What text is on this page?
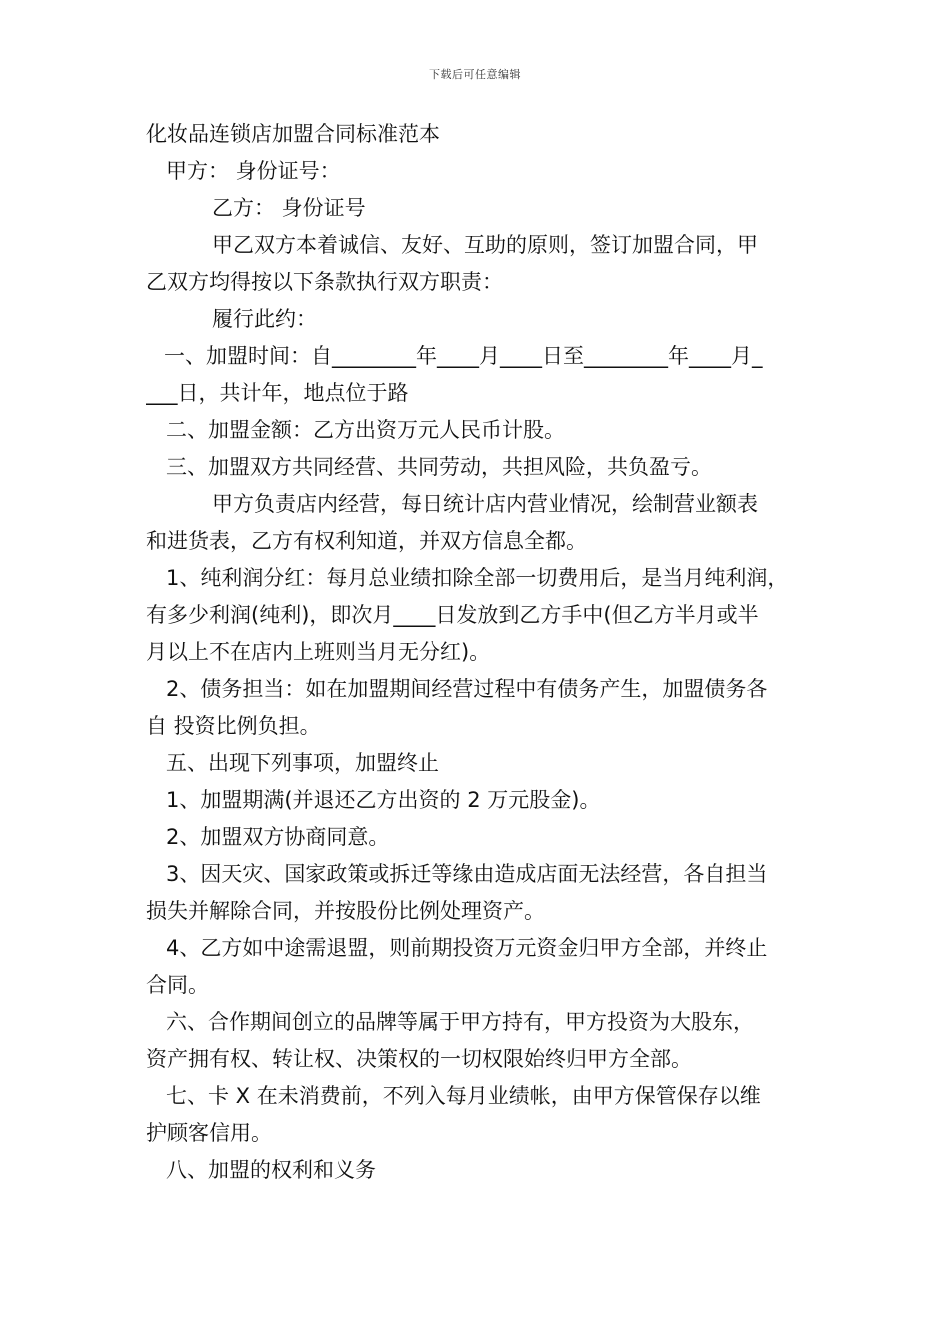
下载后可任意编辑
化妆品连锁店加盟合同标准范本
甲方： 身份证号：
乙方： 身份证号
甲乙双方本着诚信、友好、互助的原则，签订加盟合同，甲
乙双方均得按以下条款执行双方职责：
履行此约：
一、加盟时间：自________年____月____日至________年____月_
___日，共计年，地点位于路
二、加盟金额：乙方出资万元人民币计股。
三、加盟双方共同经营、共同劳动，共担风险，共负盈亏。
甲方负责店内经营，每日统计店内营业情况，绘制营业额表
和进货表，乙方有权利知道，并双方信息全都。
1、纯利润分红：每月总业绩扣除全部一切费用后，是当月纯利润，
有多少利润(纯利)，即次月____日发放到乙方手中(但乙方半月或半
月以上不在店内上班则当月无分红)。
2、债务担当：如在加盟期间经营过程中有债务产生，加盟债务各
自 投资比例负担。
五、出现下列事项，加盟终止
1、加盟期满(并退还乙方出资的 2 万元股金)。
2、加盟双方协商同意。
3、因天灾、国家政策或拆迁等缘由造成店面无法经营，各自担当
损失并解除合同，并按股份比例处理资产。
4、乙方如中途需退盟，则前期投资万元资金归甲方全部，并终止
合同。
六、合作期间创立的品牌等属于甲方持有，甲方投资为大股东，
资产拥有权、转让权、决策权的一切权限始终归甲方全部。
七、卡 X 在未消费前，不列入每月业绩帐，由甲方保管保存以维
护顾客信用。
八、加盟的权利和义务
